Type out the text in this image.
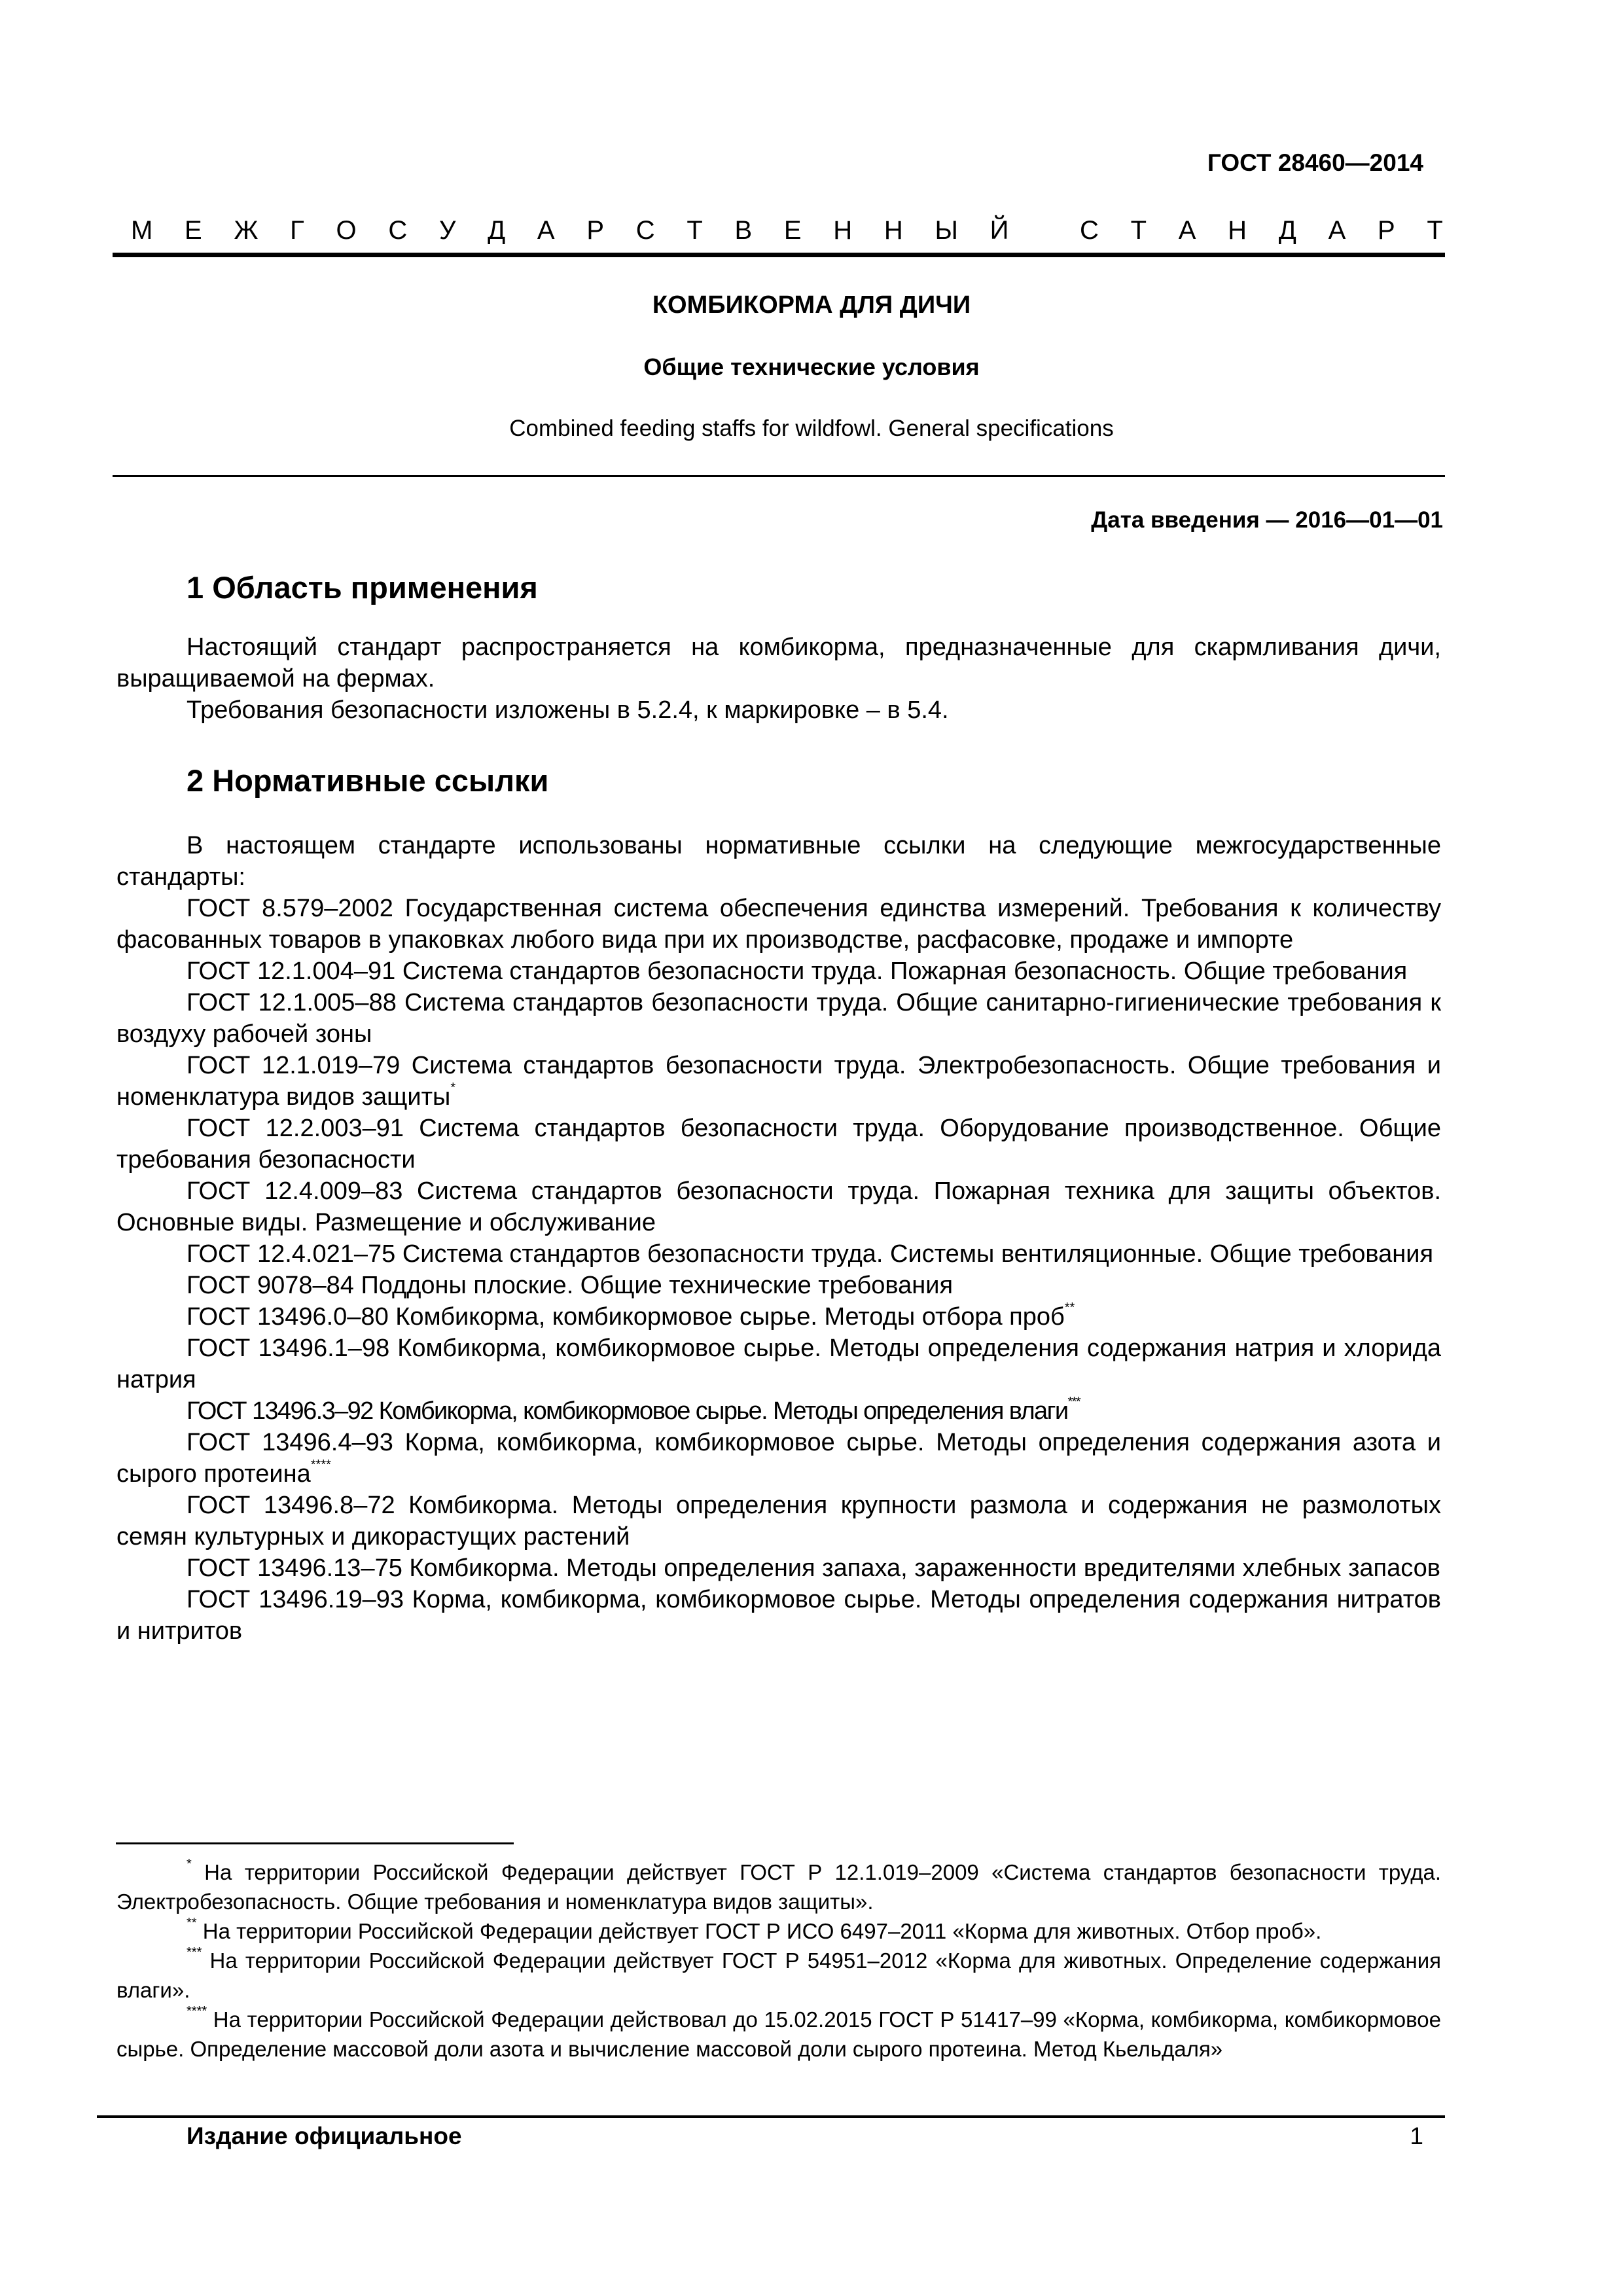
ГОСТ 28460—2014
М Е Ж Г О С У Д А Р С Т В Е Н Н Ы Й
	С Т А Н Д А Р Т
КОМБИКОРМА ДЛЯ ДИЧИ
Общие технические условия
Combined feeding staffs for wildfowl. General specifications
Дата введения — 2016—01—01
1 Область применения

Настоящий стандарт распространяется на комбикорма, предназначенные для скармливания дичи, выращиваемой на фермах.

Требования безопасности изложены в 5.2.4, к маркировке – в 5.4.

2 Нормативные ссылки

В настоящем стандарте использованы нормативные ссылки на следующие межгосударственные стандарты:

ГОСТ 8.579–2002 Государственная система обеспечения единства измерений. Требования к количеству фасованных товаров в упаковках любого вида при их производстве, расфасовке, продаже и импорте

ГОСТ 12.1.004–91 Система стандартов безопасности труда. Пожарная безопасность. Общие требования

ГОСТ 12.1.005–88 Система стандартов безопасности труда. Общие санитарно-гигиенические требования к воздуху рабочей зоны

ГОСТ 12.1.019–79 Система стандартов безопасности труда. Электробезопасность. Общие требования и номенклатура видов защиты*

ГОСТ 12.2.003–91 Система стандартов безопасности труда. Оборудование производственное. Общие требования безопасности

ГОСТ 12.4.009–83 Система стандартов безопасности труда. Пожарная техника для защиты объектов. Основные виды. Размещение и обслуживание

ГОСТ 12.4.021–75 Система стандартов безопасности труда. Системы вентиляционные. Общие требования

ГОСТ 9078–84 Поддоны плоские. Общие технические требования

ГОСТ 13496.0–80 Комбикорма, комбикормовое сырье. Методы отбора проб**

ГОСТ 13496.1–98 Комбикорма, комбикормовое сырье. Методы определения содержания натрия и хлорида натрия

ГОСТ 13496.3–92 Комбикорма, комбикормовое сырье. Методы определения влаги***

ГОСТ 13496.4–93 Корма, комбикорма, комбикормовое сырье. Методы определения содержания азота и сырого протеина****

ГОСТ 13496.8–72 Комбикорма. Методы определения крупности размола и содержания не размолотых семян культурных и дикорастущих растений

ГОСТ 13496.13–75 Комбикорма. Методы определения запаха, зараженности вредителями хлебных запасов

ГОСТ 13496.19–93 Корма, комбикорма, комбикормовое сырье. Методы определения содержания нитратов и нитритов

* На территории Российской Федерации действует ГОСТ Р 12.1.019–2009 «Система стандартов безопасности труда. Электробезопасность. Общие требования и номенклатура видов защиты».

** На территории Российской Федерации действует ГОСТ Р ИСО 6497–2011 «Корма для животных. Отбор проб».

*** На территории Российской Федерации действует ГОСТ Р 54951–2012 «Корма для животных. Определение содержания влаги».

**** На территории Российской Федерации действовал до 15.02.2015 ГОСТ Р 51417–99 «Корма, комбикорма, комбикормовое сырье. Определение массовой доли азота и вычисление массовой доли сырого протеина. Метод Кьельдаля»

Издание официальное	1
